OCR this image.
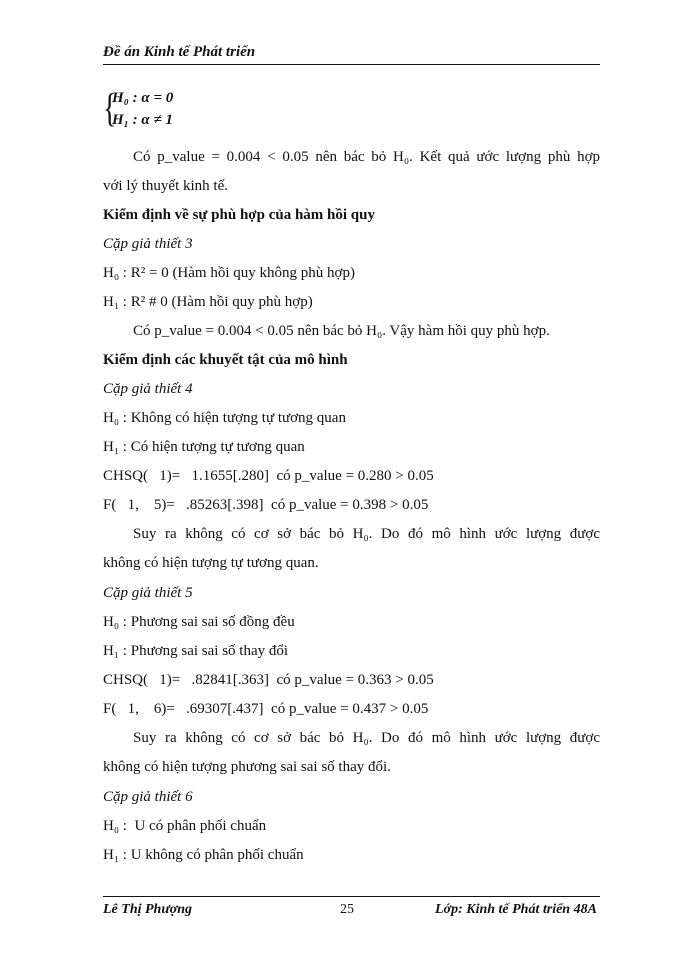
Đề án Kinh tế Phát triển
{
H₀ : α = 0
H₁ : α ≠ 1
Có p_value = 0.004 < 0.05 nên bác bỏ H₀. Kết quả ước lượng phù hợp
với lý thuyết kinh tế.
Kiểm định về sự phù hợp của hàm hồi quy
Cặp giả thiết 3
H₀ : R² = 0 (Hàm hồi quy không phù hợp)
H₁ : R² # 0 (Hàm hồi quy phù hợp)
Có p_value = 0.004 < 0.05 nên bác bỏ H₀. Vậy hàm hồi quy phù hợp.
Kiểm định các khuyết tật của mô hình
Cặp giả thiết 4
H₀ : Không có hiện tượng tự tương quan
H₁ : Có hiện tượng tự tương quan
CHSQ(   1)=   1.1655[.280]  có p_value = 0.280 > 0.05
F(   1,    5)=   .85263[.398]  có p_value = 0.398 > 0.05
Suy ra không có cơ sở bác bỏ H₀. Do đó mô hình ước lượng được
không có hiện tượng tự tương quan.
Cặp giả thiết 5
H₀ : Phương sai sai số đồng đều
H₁ : Phương sai sai số thay đổi
CHSQ(   1)=   .82841[.363]  có p_value = 0.363 > 0.05
F(   1,    6)=   .69307[.437]  có p_value = 0.437 > 0.05
Suy ra không có cơ sở bác bỏ H₀. Do đó mô hình ước lượng được
không có hiện tượng phương sai sai số thay đổi.
Cặp giả thiết 6
H₀ :  U có phân phối chuẩn
H₁ : U không có phân phối chuẩn
Lê Thị Phượng	25	Lớp: Kinh tế Phát triển 48A
